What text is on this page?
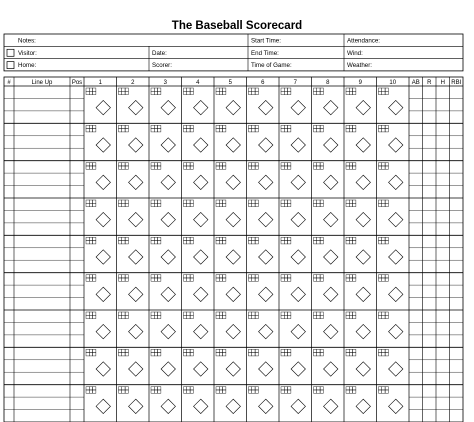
The Baseball Scorecard
Notes:	Start Time:	Attendance:
Visitor:	Date:	End Time:	Wind:
Home:	Scorer:	Time of Game:	Weather:
#	Line Up	Pos	1	2	3	4	5	6	7	8	9	10	AB R H RBI
